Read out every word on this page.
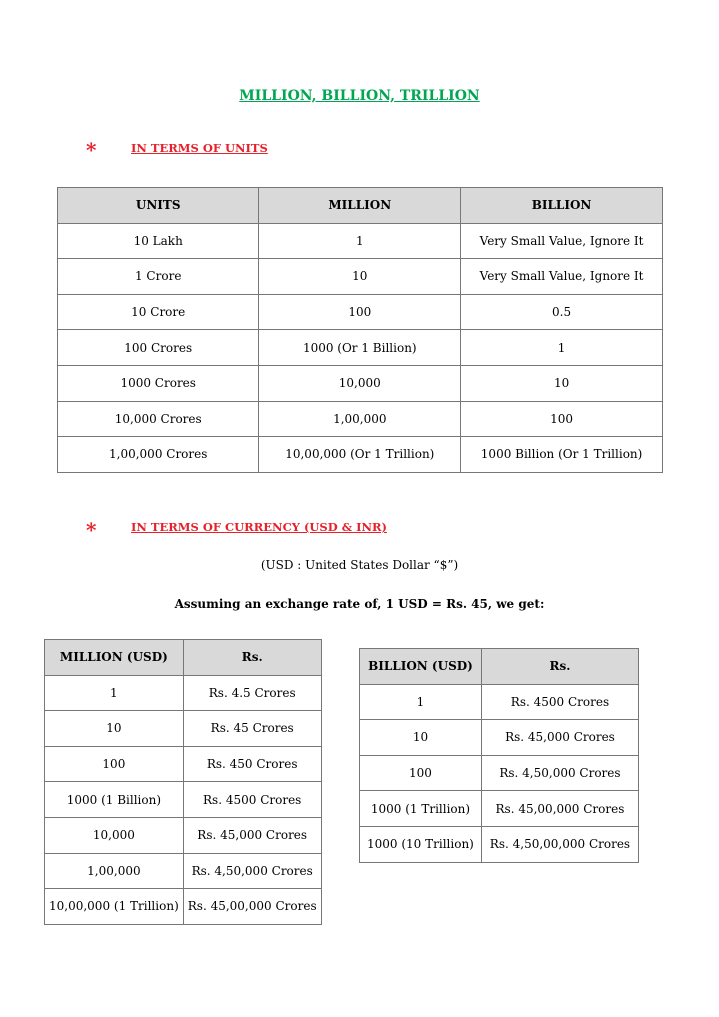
MILLION, BILLION, TRILLION
*	IN TERMS OF UNITS
UNITS	MILLION	BILLION
10 Lakh	1	Very Small Value, Ignore It
1 Crore	10	Very Small Value, Ignore It
10 Crore	100	0.5
100 Crores	1000 (Or 1 Billion)	1
1000 Crores	10,000	10
10,000 Crores	1,00,000	100
1,00,000 Crores	10,00,000 (Or 1 Trillion)	1000 Billion (Or 1 Trillion)
*	IN TERMS OF CURRENCY (USD & INR)
(USD : United States Dollar “$”)
Assuming an exchange rate of, 1 USD = Rs. 45, we get:
MILLION (USD)	Rs.
1	Rs. 4.5 Crores
10	Rs. 45 Crores
100	Rs. 450 Crores
1000 (1 Billion)	Rs. 4500 Crores
10,000	Rs. 45,000 Crores
1,00,000	Rs. 4,50,000 Crores
10,00,000 (1 Trillion)	Rs. 45,00,000 Crores
BILLION (USD)	Rs.
1	Rs. 4500 Crores
10	Rs. 45,000 Crores
100	Rs. 4,50,000 Crores
1000 (1 Trillion)	Rs. 45,00,000 Crores
1000 (10 Trillion)	Rs. 4,50,00,000 Crores
